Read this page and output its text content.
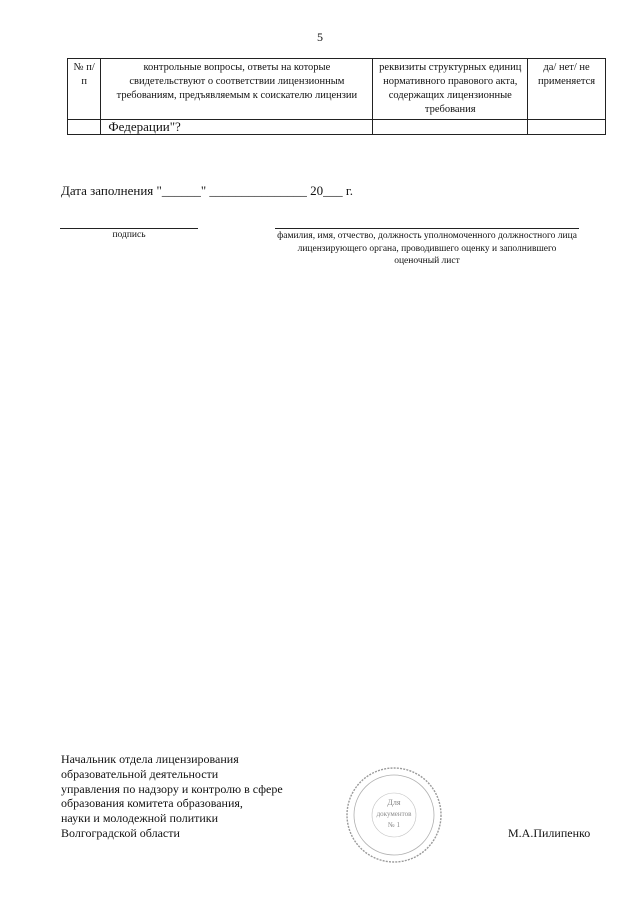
5
№ п/п	контрольные вопросы, ответы на которые свидетельствуют о соответствии лицензионным требованиям, предъявляемым к соискателю лицензии	реквизиты структурных единиц нормативного правового акта, содержащих лицензионные требования	да/ нет/ не применяется
	Федерации"?		
Дата заполнения "______" _______________ 20___ г.
подпись	фамилия, имя, отчество, должность уполномоченного должностного лица лицензирующего органа, проводившего оценку и заполнившего оценочный лист
Начальник отдела лицензирования
образовательной деятельности
управления по надзору и контролю в сфере
образования комитета образования,
науки и молодежной политики
Волгоградской области
Для
документов
№ 1
М.А.Пилипенко
